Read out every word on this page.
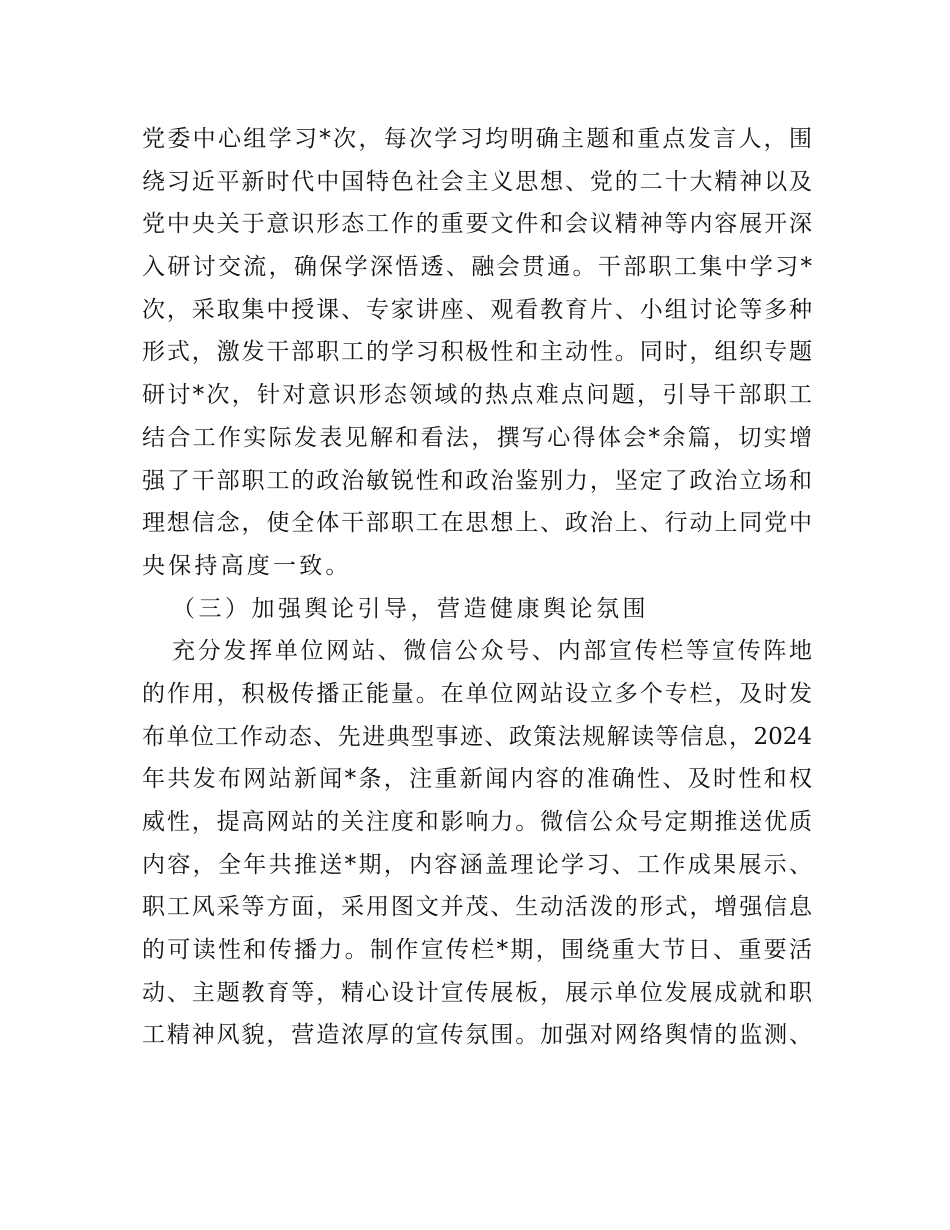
党委中心组学习*次，每次学习均明确主题和重点发言人，围
绕习近平新时代中国特色社会主义思想、党的二十大精神以及
党中央关于意识形态工作的重要文件和会议精神等内容展开深
入研讨交流，确保学深悟透、融会贯通。干部职工集中学习*
次，采取集中授课、专家讲座、观看教育片、小组讨论等多种
形式，激发干部职工的学习积极性和主动性。同时，组织专题
研讨*次，针对意识形态领域的热点难点问题，引导干部职工
结合工作实际发表见解和看法，撰写心得体会*余篇，切实增
强了干部职工的政治敏锐性和政治鉴别力，坚定了政治立场和
理想信念，使全体干部职工在思想上、政治上、行动上同党中
央保持高度一致。
（三）加强舆论引导，营造健康舆论氛围
充分发挥单位网站、微信公众号、内部宣传栏等宣传阵地
的作用，积极传播正能量。在单位网站设立多个专栏，及时发
布单位工作动态、先进典型事迹、政策法规解读等信息，2024
年共发布网站新闻*条，注重新闻内容的准确性、及时性和权
威性，提高网站的关注度和影响力。微信公众号定期推送优质
内容，全年共推送*期，内容涵盖理论学习、工作成果展示、
职工风采等方面，采用图文并茂、生动活泼的形式，增强信息
的可读性和传播力。制作宣传栏*期，围绕重大节日、重要活
动、主题教育等，精心设计宣传展板，展示单位发展成就和职
工精神风貌，营造浓厚的宣传氛围。加强对网络舆情的监测、
